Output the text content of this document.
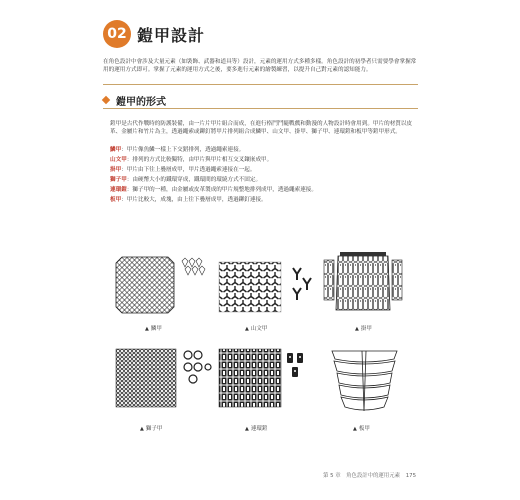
02 鎧甲設計
在角色設計中會涉及大量元素（如裝飾、武器和道具等）設計，元素的運用方式多種多樣。角色設計的初學者只需要學會掌握常用的運用方式即可。掌握了元素的運用方式之後，要多進行元素的繪製練習，以提升自己對元素的認知能力。
鎧甲的形式
鎧甲是古代作戰時的防護裝備，由一片片甲片組合而成，在進行格鬥鬥隨戰戲和動漫的人物設計時會用到。甲片的材質以皮革、金屬片和竹片為主，透過繩索或鉚釘將甲片排列組合成鱗甲、山文甲、掛甲、獅子甲、連環鎧和板甲等鎧甲形式。
鱗甲：甲片像魚鱗一樣上下交錯排列，透過繩索連接。
山文甲：排列的方式比較獨特，由甲片與甲片相互交叉鑲嵌成甲。
掛甲：甲片由下往上疊層成甲，甲片透過繩索連接在一起。
獅子甲：由硬幣大小的鐵環穿成，鐵環間的環繞方式不固定。
連環鎧：獅子甲的一種，由金屬或皮革製成的甲片規整地排列成甲，透過繩索連接。
板甲：甲片比較大，成塊，由上往下疊層成甲，透過鉚釘連接。
▲ 鱗甲	▲ 山文甲	▲ 掛甲
▲ 獅子甲	▲ 連環鎧	▲ 板甲
第 5 章　角色設計中的運用元素 175
